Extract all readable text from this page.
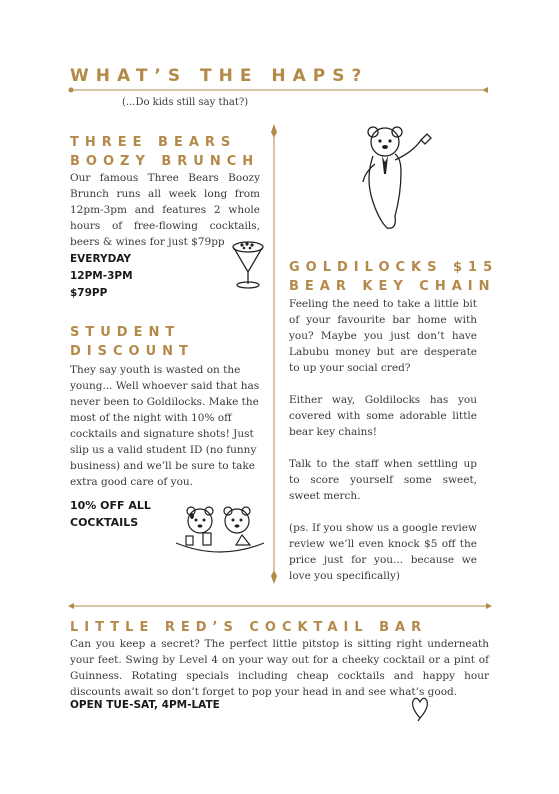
WHAT’S THE HAPS?
(...Do kids still say that?)
THREE BEARS
BOOZY BRUNCH

Our famous Three Bears Boozy Brunch runs all week long from 12pm-3pm and features 2 whole hours of free-flowing cocktails, beers & wines for just $79pp

EVERYDAY
12PM-3PM
$79PP
STUDENT
DISCOUNT

They say youth is wasted on the young... Well whoever said that has never been to Goldilocks. Make the most of the night with 10% off cocktails and signature shots! Just slip us a valid student ID (no funny business) and we’ll be sure to take extra good care of you.

10% OFF ALL
COCKTAILS
GOLDILOCKS $15
BEAR KEY CHAIN

Feeling the need to take a little bit of your favourite bar home with you? Maybe you just don’t have Labubu money but are desperate to up your social cred?

Either way, Goldilocks has you covered with some adorable little bear key chains!

Talk to the staff when settling up to score yourself some sweet, sweet merch.

(ps. If you show us a google review review we’ll even knock $5 off the price just for you... because we love you specifically)

LITTLE RED’S COCKTAIL BAR

Can you keep a secret? The perfect little pitstop is sitting right underneath your feet. Swing by Level 4 on your way out for a cheeky cocktail or a pint of Guinness. Rotating specials including cheap cocktails and happy hour discounts await so don’t forget to pop your head in and see what’s good.

OPEN TUE-SAT, 4PM-LATE
